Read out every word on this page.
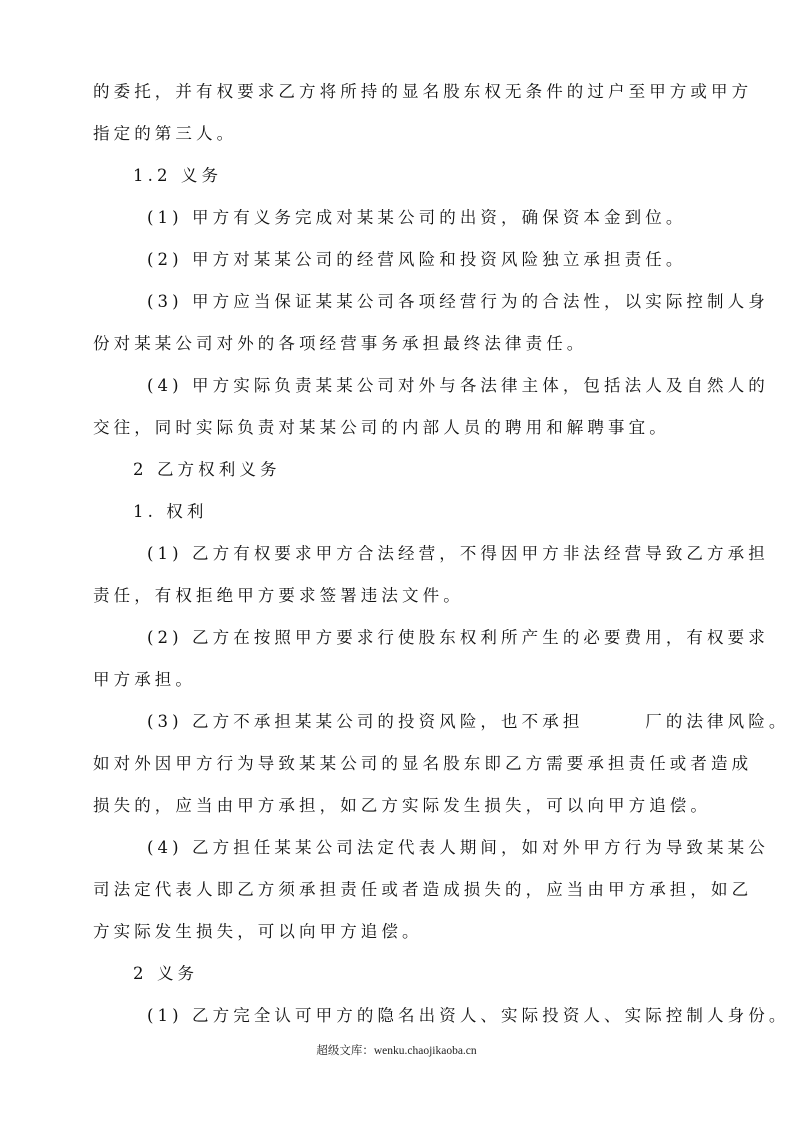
的委托，并有权要求乙方将所持的显名股东权无条件的过户至甲方或甲方
指定的第三人。
1.2 义务
(1) 甲方有义务完成对某某公司的出资，确保资本金到位。
(2) 甲方对某某公司的经营风险和投资风险独立承担责任。
(3) 甲方应当保证某某公司各项经营行为的合法性，以实际控制人身
份对某某公司对外的各项经营事务承担最终法律责任。
(4) 甲方实际负责某某公司对外与各法律主体，包括法人及自然人的
交往，同时实际负责对某某公司的内部人员的聘用和解聘事宜。
2 乙方权利义务
1. 权利
(1) 乙方有权要求甲方合法经营，不得因甲方非法经营导致乙方承担
责任，有权拒绝甲方要求签署违法文件。
(2) 乙方在按照甲方要求行使股东权利所产生的必要费用，有权要求
甲方承担。
(3) 乙方不承担某某公司的投资风险，也不承担　　　厂的法律风险。
如对外因甲方行为导致某某公司的显名股东即乙方需要承担责任或者造成
损失的，应当由甲方承担，如乙方实际发生损失，可以向甲方追偿。
(4) 乙方担任某某公司法定代表人期间，如对外甲方行为导致某某公
司法定代表人即乙方须承担责任或者造成损失的，应当由甲方承担，如乙
方实际发生损失，可以向甲方追偿。
2 义务
(1) 乙方完全认可甲方的隐名出资人、实际投资人、实际控制人身份。
超级文库：wenku.chaojikaoba.cn
